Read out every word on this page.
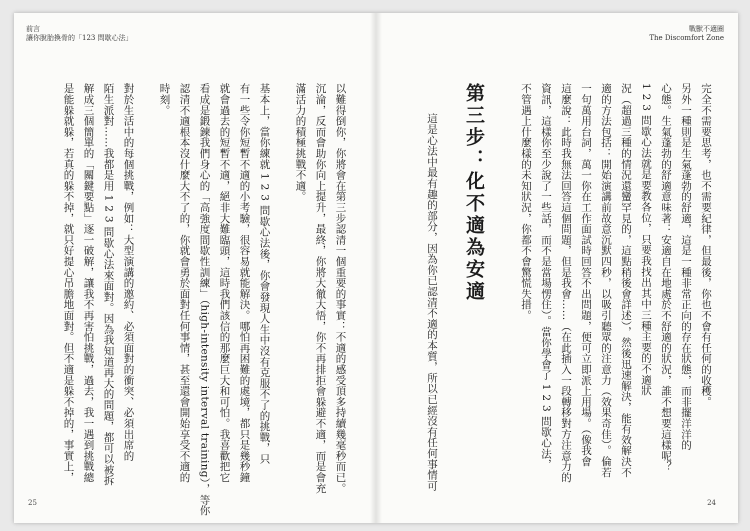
前言
讓你脫胎換骨的「123 問歇心法」
戰獸不適圈
The Discomfort Zone
完全不需要思考，也不需要紀律，但最後，你也不會有任何的收穫。
另外一種則是生氣蓬勃的舒適，這是一種非常正向的存在狀態，而非擺洋洋的
心態。生氣蓬勃的舒適意味著：安適自在地處於不舒適的狀況，誰不想要這樣呢？
1 2 3 問歇心法就是要教各位，只要我找出其中三種主要的不適狀
況（超過三種的情況還蠻罕見的，這點稍後會詳述），然後迅速解決，能有效解決不
適的方法包括：開始演講前故意沉默四秒，以吸引聽眾的注意力（效果奇佳）。倫若
一句萬用台詞，萬一你在工作面試時回答不出問題，便可立即派上用場。（像我會
這麼說：此時我無法回答這個問題，但是我會……（在此插入一段轉移對方注意力的
資訊，這樣你至少說了一些話，而不是當場愣住）。當你學會了 1 2 3 問歇心法，
不管遇上什麼樣的未知狀況，你都不會驚慌失措。
第三步：化不適為安適
這是心法中最有趣的部分，因為你已認清不適的本質，所以已經沒有任何事情可
以難得倒你，你將會在第三步認清一個重要的事實：不適的感受頂多持續幾毫秒而已。
沉淪，反而會助你向上提升，最終，你將大徹大悟，你不再排拒會躲避不適，而是會充
滿活力的積極挑戰不適。
基本上，當你練就 1 2 3 問歇心法後，你會發現人生中沒有克服不了的挑戰，只
有一些令你短暫不適的小考驗，很容易就能解決。哪怕再困難的處境，都只是幾秒鐘
就會過去的短暫不適，絕非大難臨頭，這時我們該信的那麼巨大和可怕。我喜歡把它
看成是鍛鍊我們身心的「高強度間歇性訓練」（high-intensity interval training），等你
認清不適根本沒什麼大不了的，你就會勇於面對任何事情，甚至還會開始享受不適的
時刻。
對於生活中的每個挑戰，例如：大型演講的邀約、必須面對的衝突、必須出席的
陌生派對……我都是用 1 2 3 問歇心法來面對。因為我知道再大的問題，都可以被拆
解成三個簡單的「關鍵要點」逐一破解，讓我不再害怕挑戰，過去，我一遇到挑戰總
是能躲就躲，若真的躲不掉，就只好提心吊膽地面對。但不適是躲不掉的，事實上，
25	24
